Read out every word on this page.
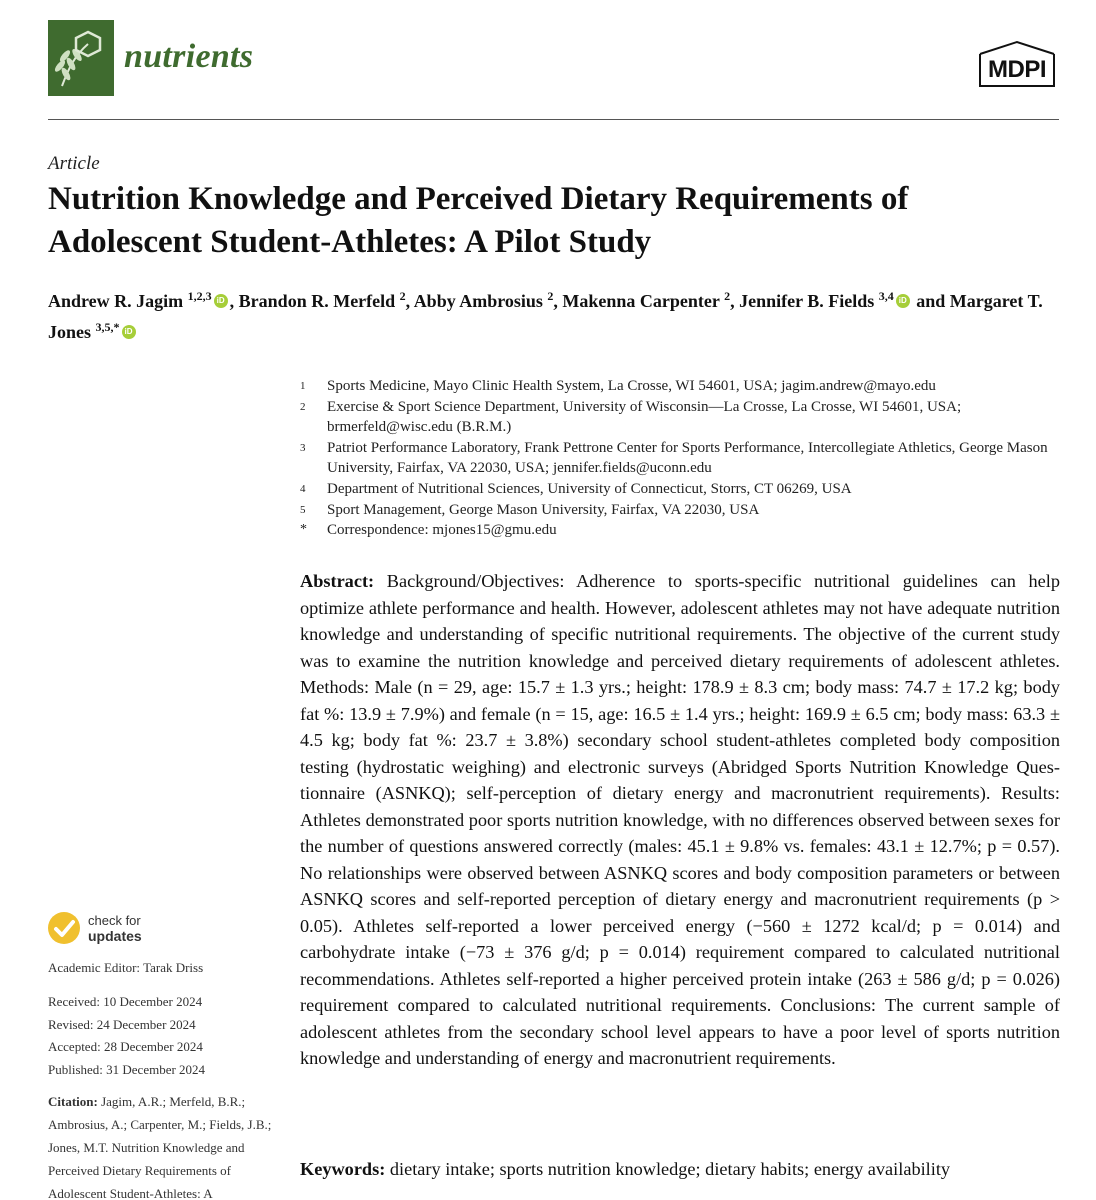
nutrients	MDPI
Article
Nutrition Knowledge and Perceived Dietary Requirements of Adolescent Student-Athletes: A Pilot Study
Andrew R. Jagim $^{1,2,3}$ iD , Brandon R. Merfeld $^2$, Abby Ambrosius $^2$, Makenna Carpenter $^2$, Jennifer B. Fields $^{3,4}$ iD and Margaret T. Jones $^{3,5,*}$ iD
1	Sports Medicine, Mayo Clinic Health System, La Crosse, WI 54601, USA; jagim.andrew@mayo.edu
2	Exercise & Sport Science Department, University of Wisconsin—La Crosse, La Crosse, WI 54601, USA; brmerfeld@wisc.edu (B.R.M.)
3	Patriot Performance Laboratory, Frank Pettrone Center for Sports Performance, Intercollegiate Athletics, George Mason University, Fairfax, VA 22030, USA; jennifer.fields@uconn.edu
4	Department of Nutritional Sciences, University of Connecticut, Storrs, CT 06269, USA
5	Sport Management, George Mason University, Fairfax, VA 22030, USA
*	Correspondence: mjones15@gmu.edu
Abstract: Background/Objectives: Adherence to sports-specific nutritional guidelines can help optimize athlete performance and health. However, adolescent athletes may not have adequate nutrition knowledge and understanding of specific nutritional requirements. The objective of the current study was to examine the nutrition knowledge and perceived dietary requirements of adolescent athletes. Methods: Male (n = 29, age: 15.7 ± 1.3 yrs.; height: 178.9 ± 8.3 cm; body mass: 74.7 ± 17.2 kg; body fat %: 13.9 ± 7.9%) and female (n = 15, age: 16.5 ± 1.4 yrs.; height: 169.9 ± 6.5 cm; body mass: 63.3 ± 4.5 kg; body fat %: 23.7 ± 3.8%) secondary school student-athletes completed body composition testing (hydrostatic weighing) and electronic surveys (Abridged Sports Nutrition Knowledge Questionnaire (ASNKQ); self-perception of dietary energy and macronutrient requirements). Results: Athletes demonstrated poor sports nutrition knowledge, with no differences observed between sexes for the number of questions answered correctly (males: 45.1 ± 9.8% vs. females: 43.1 ± 12.7%; p = 0.57). No relationships were observed between ASNKQ scores and body composition parameters or between ASNKQ scores and self-reported perception of dietary energy and macronutrient requirements (p > 0.05). Athletes self-reported a lower perceived energy (−560 ± 1272 kcal/d; p = 0.014) and carbohydrate intake (−73 ± 376 g/d; p = 0.014) requirement compared to calculated nutritional recommendations. Athletes self-reported a higher perceived protein intake (263 ± 586 g/d; p = 0.026) requirement compared to calculated nutritional requirements. Conclusions: The current sample of adolescent athletes from the secondary school level appears to have a poor level of sports nutrition knowledge and understanding of energy and macronutrient requirements.
Keywords: dietary intake; sports nutrition knowledge; dietary habits; energy availability
check for
updates
Academic Editor: Tarak Driss
Received: 10 December 2024
Revised: 24 December 2024
Accepted: 28 December 2024
Published: 31 December 2024
Citation: Jagim, A.R.; Merfeld, B.R.; Ambrosius, A.; Carpenter, M.; Fields, J.B.; Jones, M.T. Nutrition Knowledge and Perceived Dietary Requirements of Adolescent Student-Athletes: A
